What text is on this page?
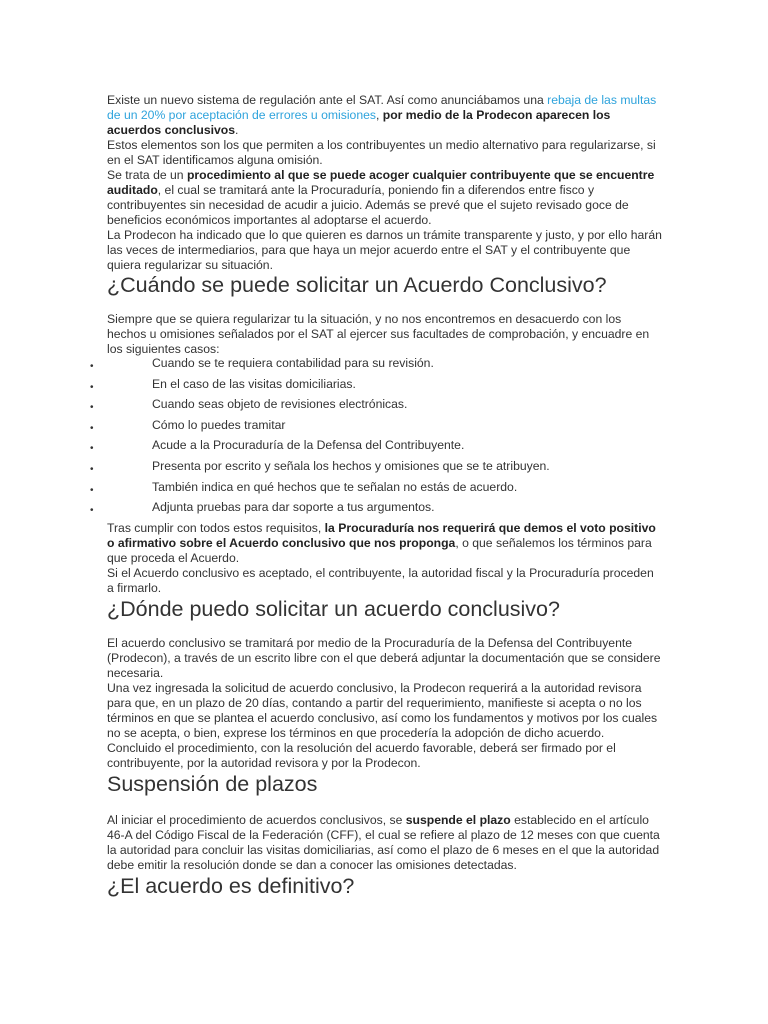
Existe un nuevo sistema de regulación ante el SAT. Así como anunciábamos una rebaja de las multas de un 20% por aceptación de errores u omisiones, por medio de la Prodecon aparecen los acuerdos conclusivos.

Estos elementos son los que permiten a los contribuyentes un medio alternativo para regularizarse, si en el SAT identificamos alguna omisión.

Se trata de un procedimiento al que se puede acoger cualquier contribuyente que se encuentre auditado, el cual se tramitará ante la Procuraduría, poniendo fin a diferendos entre fisco y contribuyentes sin necesidad de acudir a juicio. Además se prevé que el sujeto revisado goce de beneficios económicos importantes al adoptarse el acuerdo.

La Prodecon ha indicado que lo que quieren es darnos un trámite transparente y justo, y por ello harán las veces de intermediarios, para que haya un mejor acuerdo entre el SAT y el contribuyente que quiera regularizar su situación.

¿Cuándo se puede solicitar un Acuerdo Conclusivo?

Siempre que se quiera regularizar tu la situación, y no nos encontremos en desacuerdo con los hechos u omisiones señalados por el SAT al ejercer sus facultades de comprobación, y encuadre en los siguientes casos:

•	Cuando se te requiera contabilidad para su revisión.
•	En el caso de las visitas domiciliarias.
•	Cuando seas objeto de revisiones electrónicas.
•	Cómo lo puedes tramitar
•	Acude a la Procuraduría de la Defensa del Contribuyente.
•	Presenta por escrito y señala los hechos y omisiones que se te atribuyen.
•	También indica en qué hechos que te señalan no estás de acuerdo.
•	Adjunta pruebas para dar soporte a tus argumentos.

Tras cumplir con todos estos requisitos, la Procuraduría nos requerirá que demos el voto positivo o afirmativo sobre el Acuerdo conclusivo que nos proponga, o que señalemos los términos para que proceda el Acuerdo.

Si el Acuerdo conclusivo es aceptado, el contribuyente, la autoridad fiscal y la Procuraduría proceden a firmarlo.

¿Dónde puedo solicitar un acuerdo conclusivo?

El acuerdo conclusivo se tramitará por medio de la Procuraduría de la Defensa del Contribuyente (Prodecon), a través de un escrito libre con el que deberá adjuntar la documentación que se considere necesaria.

Una vez ingresada la solicitud de acuerdo conclusivo, la Prodecon requerirá a la autoridad revisora para que, en un plazo de 20 días, contando a partir del requerimiento, manifieste si acepta o no los términos en que se plantea el acuerdo conclusivo, así como los fundamentos y motivos por los cuales no se acepta, o bien, exprese los términos en que procedería la adopción de dicho acuerdo.

Concluido el procedimiento, con la resolución del acuerdo favorable, deberá ser firmado por el contribuyente, por la autoridad revisora y por la Prodecon.

Suspensión de plazos

Al iniciar el procedimiento de acuerdos conclusivos, se suspende el plazo establecido en el artículo 46-A del Código Fiscal de la Federación (CFF), el cual se refiere al plazo de 12 meses con que cuenta la autoridad para concluir las visitas domiciliarias, así como el plazo de 6 meses en el que la autoridad debe emitir la resolución donde se dan a conocer las omisiones detectadas.

¿El acuerdo es definitivo?
